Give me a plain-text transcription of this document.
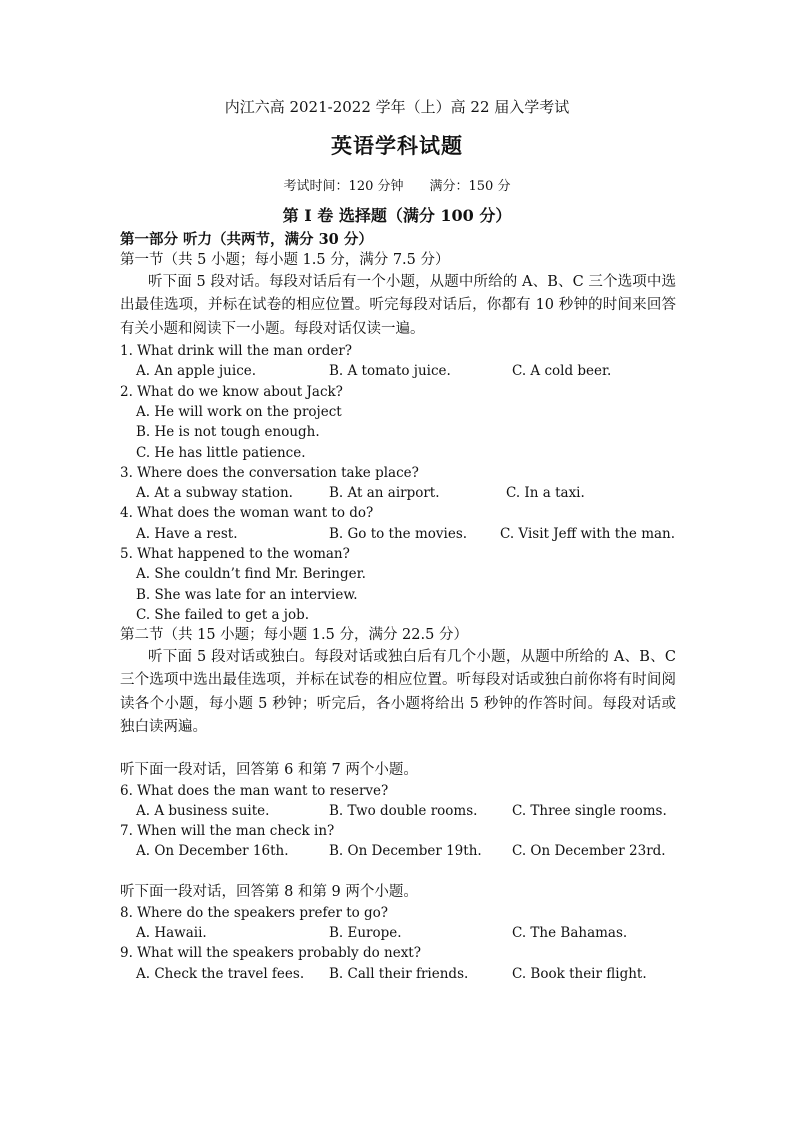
内江六高 2021-2022 学年（上）高 22 届入学考试
英语学科试题
考试时间：120 分钟 满分：150 分
第 I 卷 选择题（满分 100 分）
第一部分 听力（共两节，满分 30 分）
第一节（共 5 小题；每小题 1.5 分，满分 7.5 分）

听下面 5 段对话。每段对话后有一个小题，从题中所给的 A、B、C 三个选项中选出最佳选项，并标在试卷的相应位置。听完每段对话后，你都有 10 秒钟的时间来回答有关小题和阅读下一小题。每段对话仅读一遍。

1. What drink will the man order?
A. An apple juice.	B. A tomato juice.	C. A cold beer.
2. What do we know about Jack?
A. He will work on the project
B. He is not tough enough.
C. He has little patience.
3. Where does the conversation take place?
A. At a subway station.	B. At an airport.	C. In a taxi.
4. What does the woman want to do?
A. Have a rest.	B. Go to the movies. C. Visit Jeff with the man.
5. What happened to the woman?
A. She couldn’t find Mr. Beringer.
B. She was late for an interview.
C. She failed to get a job.
第二节（共 15 小题；每小题 1.5 分，满分 22.5 分）

听下面 5 段对话或独白。每段对话或独白后有几个小题，从题中所给的 A、B、C 三个选项中选出最佳选项，并标在试卷的相应位置。听每段对话或独白前你将有时间阅读各个小题，每小题 5 秒钟；听完后，各小题将给出 5 秒钟的作答时间。每段对话或独白读两遍。

听下面一段对话，回答第 6 和第 7 两个小题。
6. What does the man want to reserve?
A. A business suite.	B. Two double rooms.	C. Three single rooms.
7. When will the man check in?
A. On December 16th.	B. On December 19th. C. On December 23rd.
听下面一段对话，回答第 8 和第 9 两个小题。
8. Where do the speakers prefer to go?
A. Hawaii.	B. Europe.	C. The Bahamas.
9. What will the speakers probably do next?
A. Check the travel fees. B. Call their friends.	C. Book their flight.
